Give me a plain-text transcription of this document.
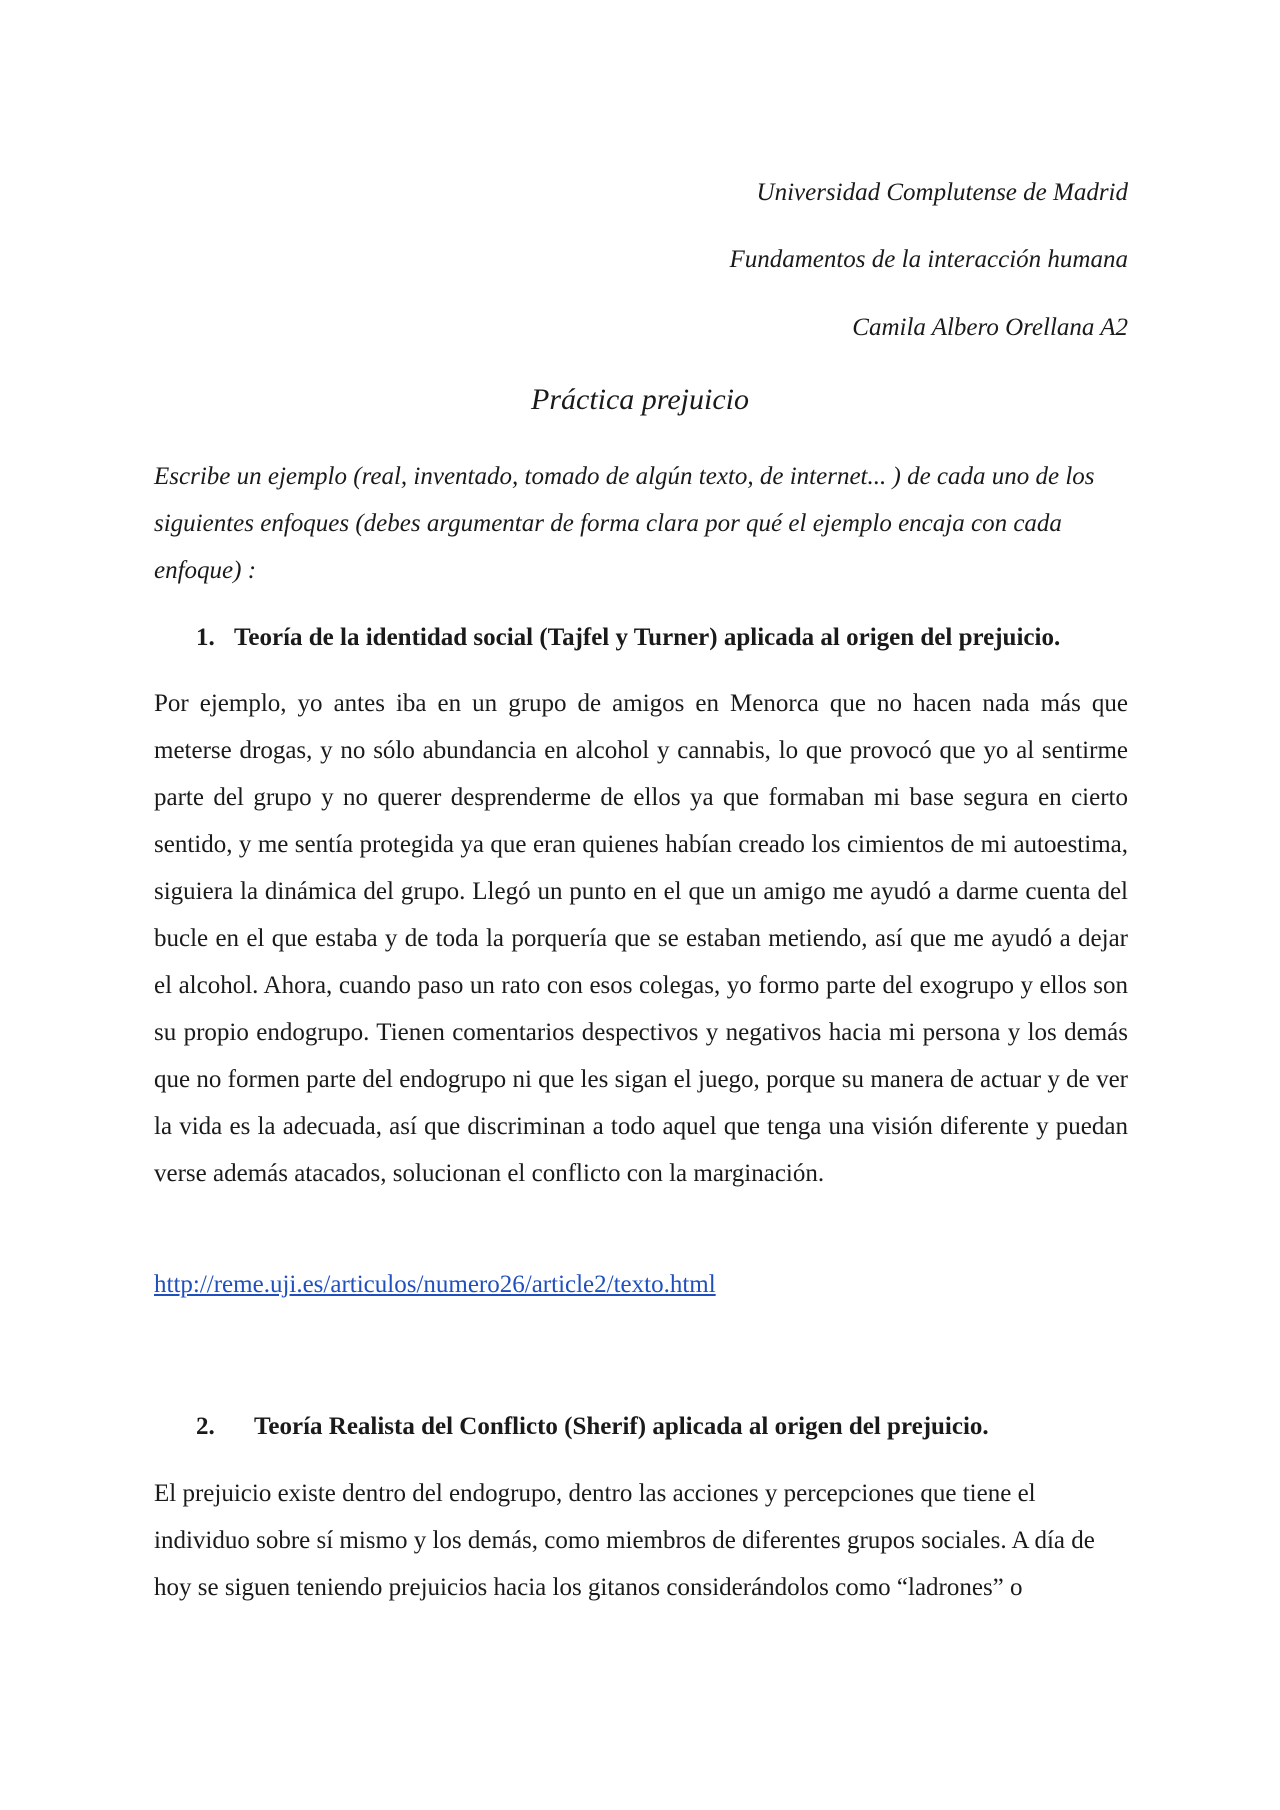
Universidad Complutense de Madrid
Fundamentos de la interacción humana
Camila Albero Orellana A2
Práctica prejuicio
Escribe un ejemplo (real, inventado, tomado de algún texto, de internet... ) de cada uno de los siguientes enfoques (debes argumentar de forma clara por qué el ejemplo encaja con cada enfoque) :
1. Teoría de la identidad social (Tajfel y Turner) aplicada al origen del prejuicio.
Por ejemplo, yo antes iba en un grupo de amigos en Menorca que no hacen nada más que meterse drogas, y no sólo abundancia en alcohol y cannabis, lo que provocó que yo al sentirme parte del grupo y no querer desprenderme de ellos ya que formaban mi base segura en cierto sentido, y me sentía protegida ya que eran quienes habían creado los cimientos de mi autoestima, siguiera la dinámica del grupo. Llegó un punto en el que un amigo me ayudó a darme cuenta del bucle en el que estaba y de toda la porquería que se estaban metiendo, así que me ayudó a dejar el alcohol. Ahora, cuando paso un rato con esos colegas, yo formo parte del exogrupo y ellos son su propio endogrupo. Tienen comentarios despectivos y negativos hacia mi persona y los demás que no formen parte del endogrupo ni que les sigan el juego, porque su manera de actuar y de ver la vida es la adecuada, así que discriminan a todo aquel que tenga una visión diferente y puedan verse además atacados, solucionan el conflicto con la marginación.
http://reme.uji.es/articulos/numero26/article2/texto.html
2. Teoría Realista del Conflicto (Sherif) aplicada al origen del prejuicio.
El prejuicio existe dentro del endogrupo, dentro las acciones y percepciones que tiene el individuo sobre sí mismo y los demás, como miembros de diferentes grupos sociales. A día de hoy se siguen teniendo prejuicios hacia los gitanos considerándolos como “ladrones” o
